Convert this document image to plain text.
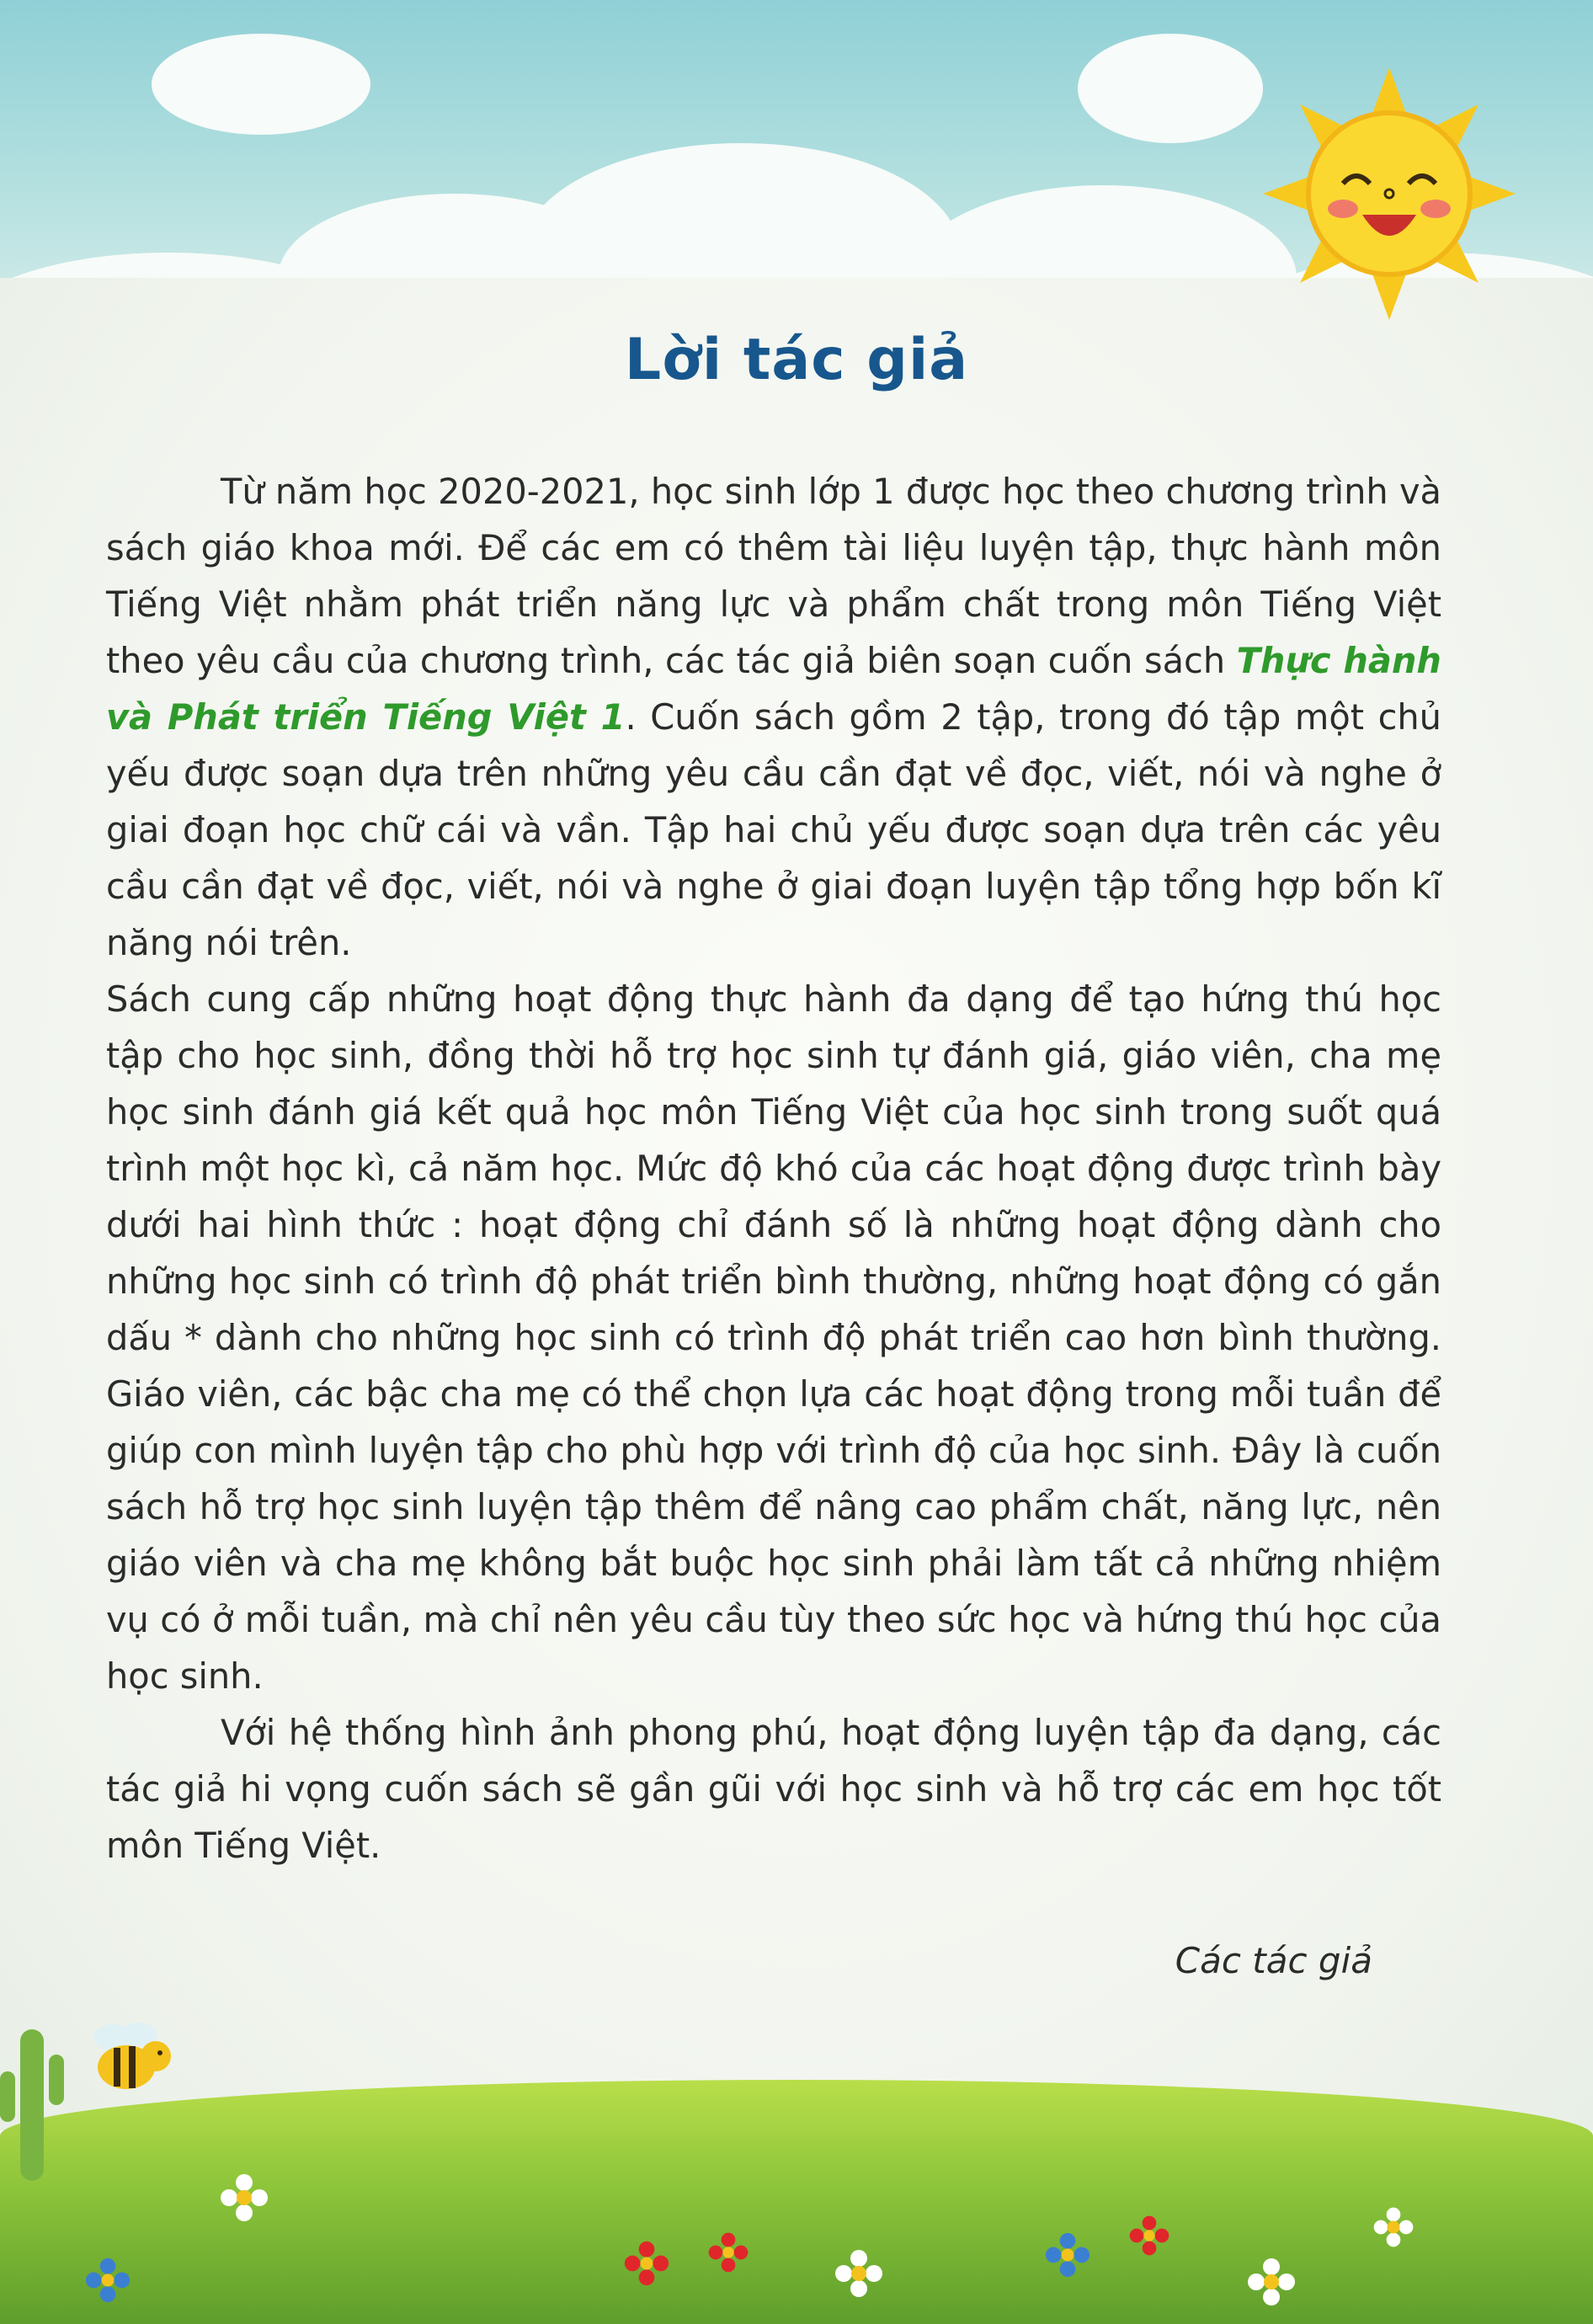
Lời tác giả

Từ năm học 2020-2021, học sinh lớp 1 được học theo chương trình và sách giáo khoa mới. Để các em có thêm tài liệu luyện tập, thực hành môn Tiếng Việt nhằm phát triển năng lực và phẩm chất trong môn Tiếng Việt theo yêu cầu của chương trình, các tác giả biên soạn cuốn sách Thực hành và Phát triển Tiếng Việt 1. Cuốn sách gồm 2 tập, trong đó tập một chủ yếu được soạn dựa trên những yêu cầu cần đạt về đọc, viết, nói và nghe ở giai đoạn học chữ cái và vần. Tập hai chủ yếu được soạn dựa trên các yêu cầu cần đạt về đọc, viết, nói và nghe ở giai đoạn luyện tập tổng hợp bốn kĩ năng nói trên.

Sách cung cấp những hoạt động thực hành đa dạng để tạo hứng thú học tập cho học sinh, đồng thời hỗ trợ học sinh tự đánh giá, giáo viên, cha mẹ học sinh đánh giá kết quả học môn Tiếng Việt của học sinh trong suốt quá trình một học kì, cả năm học. Mức độ khó của các hoạt động được trình bày dưới hai hình thức : hoạt động chỉ đánh số là những hoạt động dành cho những học sinh có trình độ phát triển bình thường, những hoạt động có gắn dấu * dành cho những học sinh có trình độ phát triển cao hơn bình thường. Giáo viên, các bậc cha mẹ có thể chọn lựa các hoạt động trong mỗi tuần để giúp con mình luyện tập cho phù hợp với trình độ của học sinh. Đây là cuốn sách hỗ trợ học sinh luyện tập thêm để nâng cao phẩm chất, năng lực, nên giáo viên và cha mẹ không bắt buộc học sinh phải làm tất cả những nhiệm vụ có ở mỗi tuần, mà chỉ nên yêu cầu tùy theo sức học và hứng thú học của học sinh.

Với hệ thống hình ảnh phong phú, hoạt động luyện tập đa dạng, các tác giả hi vọng cuốn sách sẽ gần gũi với học sinh và hỗ trợ các em học tốt môn Tiếng Việt.

Các tác giả
